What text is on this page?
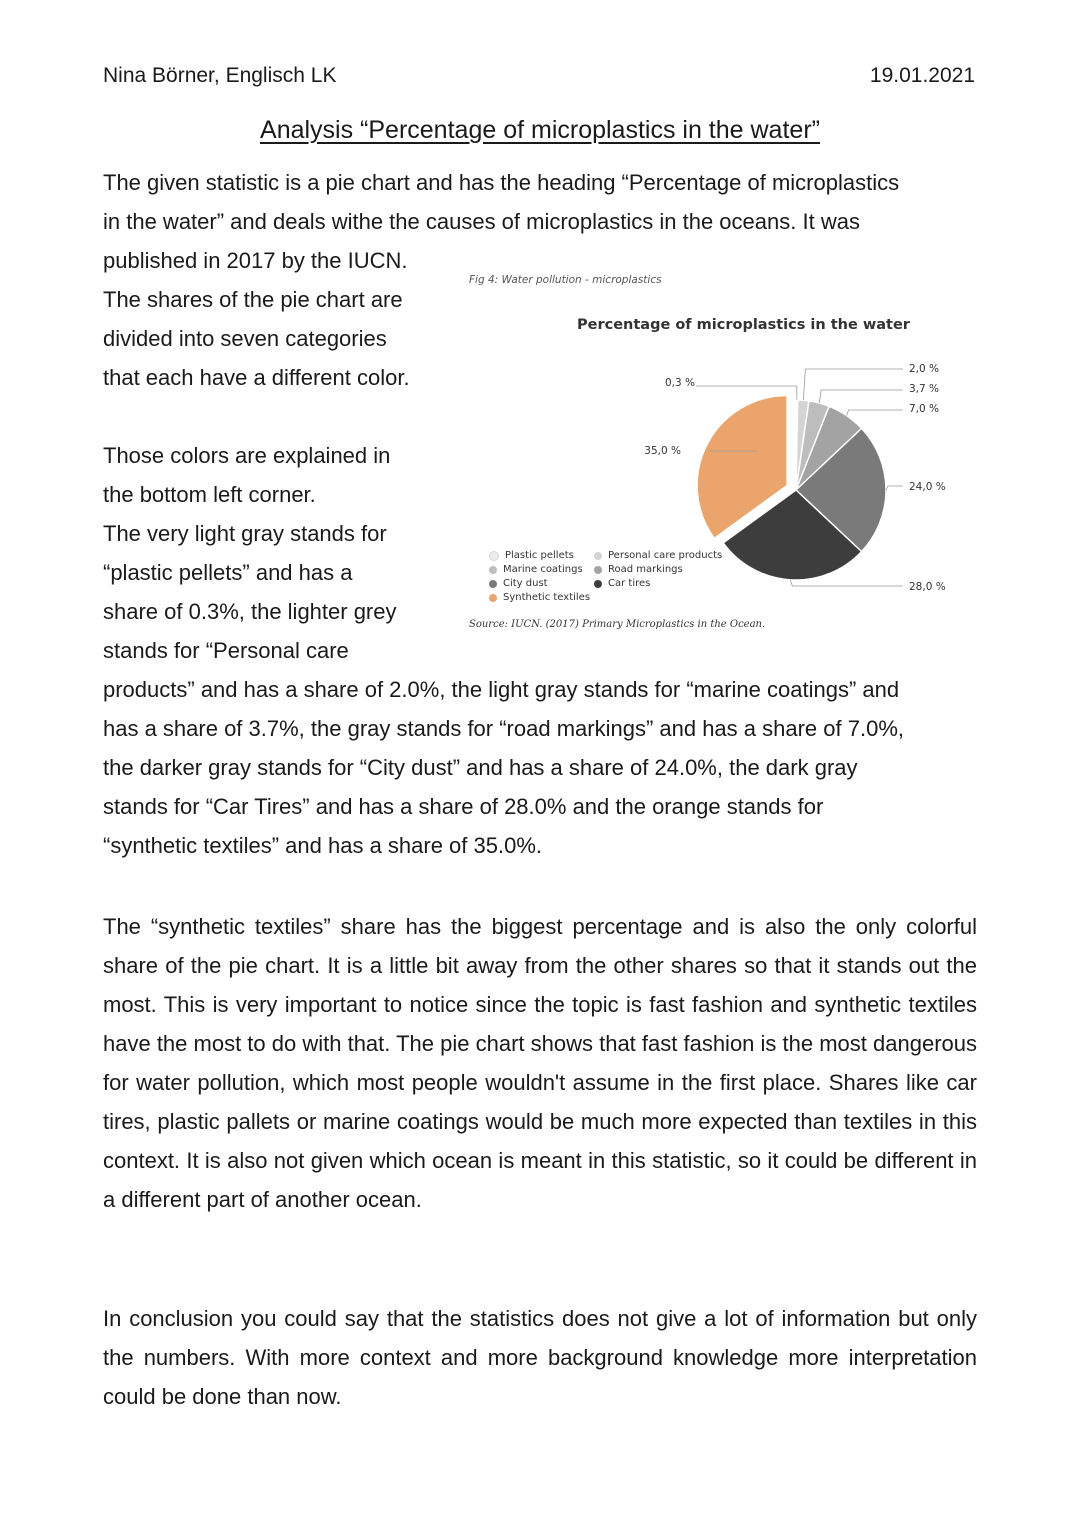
Nina Börner, Englisch LK	19.01.2021
Analysis “Percentage of microplastics in the water”

The given statistic is a pie chart and has the heading “Percentage of microplastics

in the water” and deals withe the causes of microplastics in the oceans. It was

published in 2017 by the IUCN.

The shares of the pie chart are

divided into seven categories

that each have a different color.

Those colors are explained in

the bottom left corner.

The very light gray stands for

“plastic pellets” and has a

share of 0.3%, the lighter grey

stands for “Personal care

products” and has a share of 2.0%, the light gray stands for “marine coatings” and

has a share of 3.7%, the gray stands for “road markings” and has a share of 7.0%,

the darker gray stands for “City dust” and has a share of 24.0%, the dark gray

stands for “Car Tires” and has a share of 28.0% and the orange stands for

“synthetic textiles” and has a share of 35.0%.

Fig 4: Water pollution - microplastics
Percentage of microplastics in the water
0,3 %
2,0 %
3,7 %
7,0 %
24,0 %
28,0 %
35,0 %
Plastic pellets
Marine coatings
City dust
Synthetic textiles
Personal care products
Road markings
Car tires
Source: IUCN. (2017) Primary Microplastics in the Ocean.

The “synthetic textiles” share has the biggest percentage and is also the only colorful share of the pie chart. It is a little bit away from the other shares so that it stands out the most. This is very important to notice since the topic is fast fashion and synthetic textiles have the most to do with that. The pie chart shows that fast fashion is the most dangerous for water pollution, which most people wouldn't assume in the first place. Shares like car tires, plastic pallets or marine coatings would be much more expected than textiles in this context. It is also not given which ocean is meant in this statistic, so it could be different in a different part of another ocean.

In conclusion you could say that the statistics does not give a lot of information but only the numbers. With more context and more background knowledge more interpretation could be done than now.
